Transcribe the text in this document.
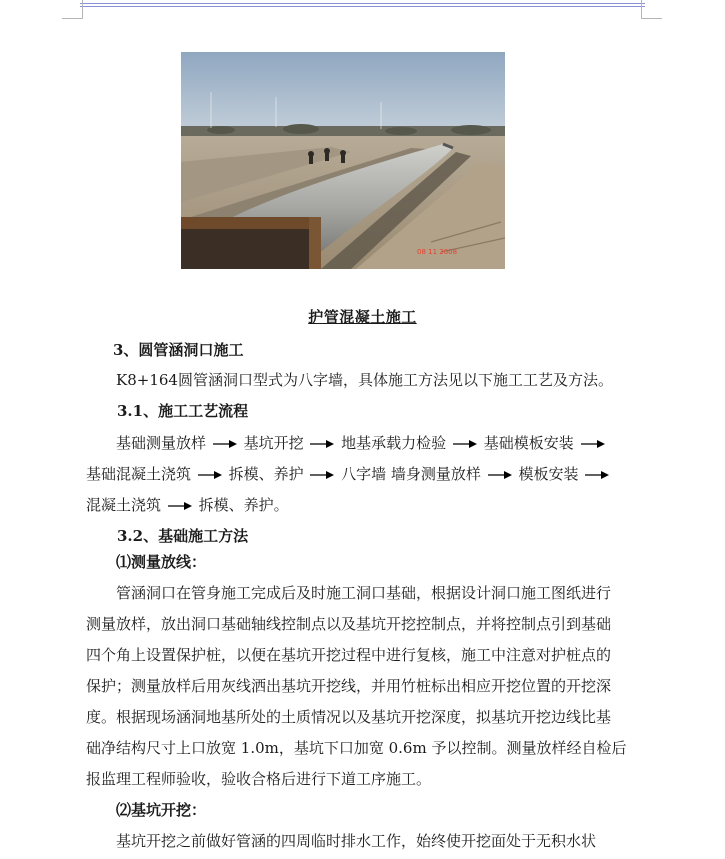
08 11 2008
护管混凝土施工
3、圆管涵洞口施工
K8+164圆管涵洞口型式为八字墙，具体施工方法见以下施工工艺及方法。
3.1、施工工艺流程
基础测量放样	基坑开挖	地基承载力检验	基础模板安装
基础混凝土浇筑	拆模、养护	八字墙 墙身测量放样	模板安装
混凝土浇筑	拆模、养护。
3.2、基础施工方法
⑴测量放线：
管涵洞口在管身施工完成后及时施工洞口基础，根据设计洞口施工图纸进行
测量放样，放出洞口基础轴线控制点以及基坑开挖控制点，并将控制点引到基础
四个角上设置保护桩，以便在基坑开挖过程中进行复核，施工中注意对护桩点的
保护；测量放样后用灰线洒出基坑开挖线，并用竹桩标出相应开挖位置的开挖深
度。根据现场涵洞地基所处的土质情况以及基坑开挖深度，拟基坑开挖边线比基
础净结构尺寸上口放宽 1.0m，基坑下口加宽 0.6m 予以控制。测量放样经自检后
报监理工程师验收，验收合格后进行下道工序施工。
⑵基坑开挖：
基坑开挖之前做好管涵的四周临时排水工作，始终使开挖面处于无积水状
